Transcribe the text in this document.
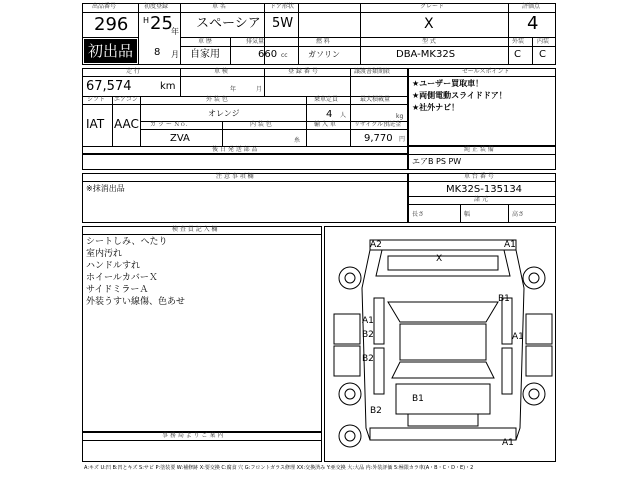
出品番号
296
初出品
初度登録
H 25
年
8 月
車 名
スペーシア
ドア形状
5W
グレード
X
評価点
4
車 歴
自家用
排気量
660 cc
燃 料
ガソリン
型 式
DBA-MK32S
外装
C
内装
C
走 行
67,574	km
車 検
年	月
登 録 番 号	譲渡書類期限
シフト
IAT
エアコン
AAC
外 装 色
オレンジ
カ ラ ー Ｎｏ．
ZVA
内 装 色
糸
乗車定員
4 人
最大積載量
kg
輸 入 車	リサイクル預託金
9,770 円
後 日 発 送 部 品
セールスポイント
★ユーザー買取車！
★両側電動スライドドア！
★社外ナビ！
純 正 装 備
エアB PS PW
注 意 事 項 欄
※抹消出品
車 台 番 号
MK32S-135134
諸 元
長さ	幅	高さ
検 査 員 記 入 欄
シートしみ、へたり
室内汚れ
ハンドルすれ
ホイールカバーＸ
サイドミラーＡ
外装うすい線傷、色あせ
事 務 局 よ り ご 案 内
A2
X
A1
B1
A1
B2	A1
B2
B1
B2
A1
A:キズ U:凹 B:凹とキズ S:サビ P:塗装要 W:補修跡 X:要交換 C:腐食 穴 G:フロントガラス修理 XX:交換済み Y:亜交換 大:大品 内:外装評価 5:極限カラ車(A・B・C・D・E)・2
